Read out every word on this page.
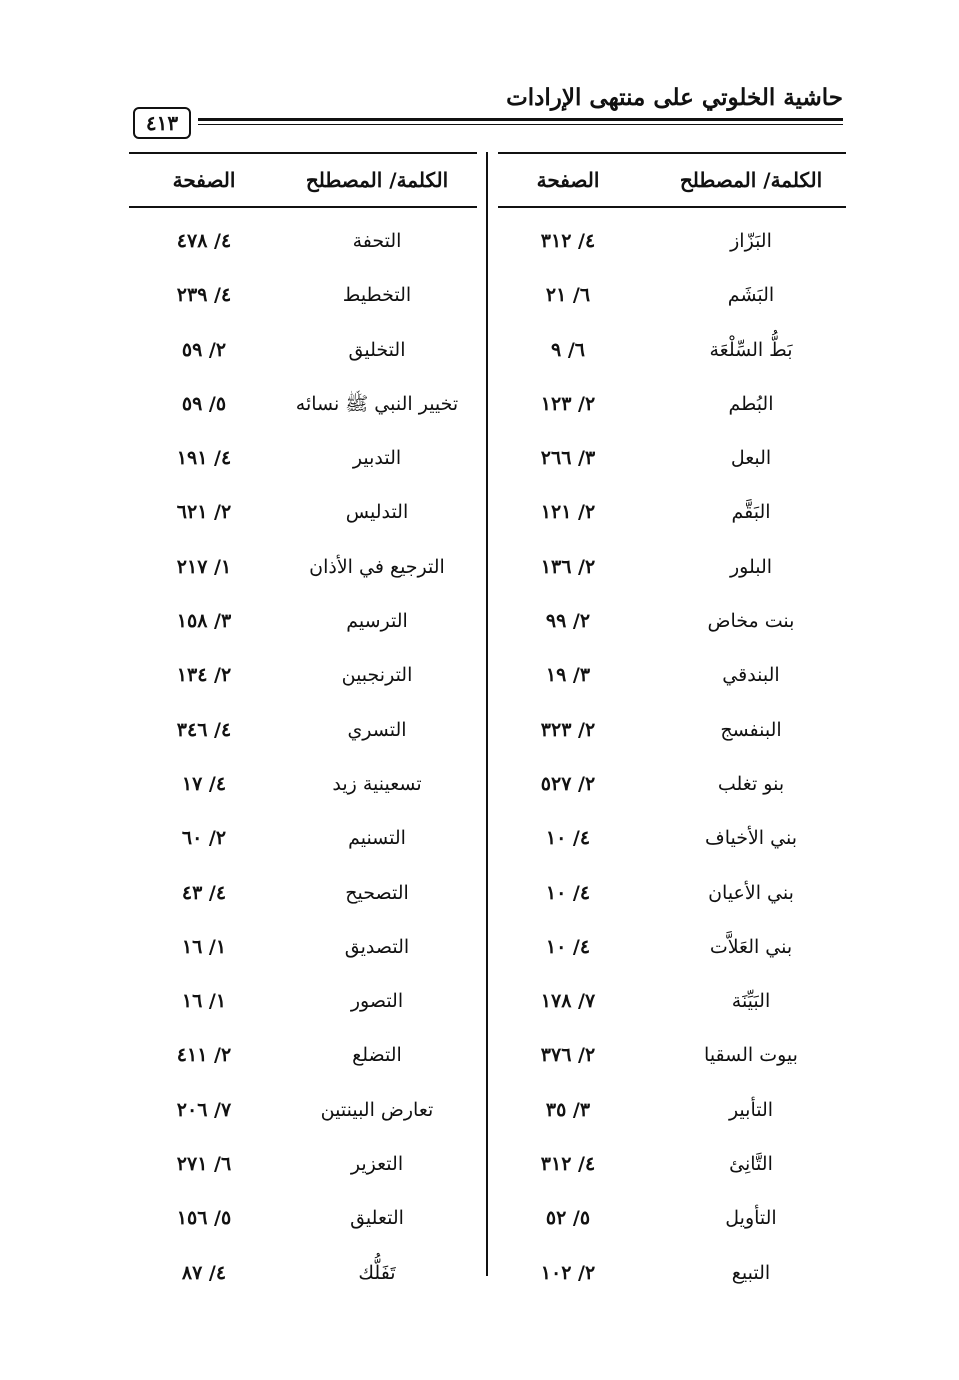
حاشية الخلوتي على منتهى الإرادات
٤١٣
الكلمة/ المصطلح
الصفحة
البَزّاز
٤/ ٣١٢
البَشَم
٦/ ٢١
بَطُّ السِّلْعَة
٦/ ٩
البُطم
٢/ ١٢٣
البعل
٣/ ٢٦٦
البَقَّم
٢/ ١٢١
البلور
٢/ ١٣٦
بنت مخاض
٢/ ٩٩
البندقي
٣/ ١٩
البنفسج
٢/ ٣٢٣
بنو تغلب
٢/ ٥٢٧
بني الأخياف
٤/ ١٠
بني الأعيان
٤/ ١٠
بني العَلاَّت
٤/ ١٠
البَيِّنَة
٧/ ١٧٨
بيوت السقيا
٢/ ٣٧٦
التأبير
٣/ ٣٥
التَّانِئ
٤/ ٣١٢
التأويل
٥/ ٥٢
التبيع
٢/ ١٠٢
الكلمة/ المصطلح
الصفحة
التحفة
٤/ ٤٧٨
التخطيط
٤/ ٢٣٩
التخليق
٢/ ٥٩
تخيير النبي ﷺ نسائه
٥/ ٥٩
التدبير
٤/ ١٩١
التدليس
٢/ ٦٢١
الترجيع في الأذان
١/ ٢١٧
الترسيم
٣/ ١٥٨
الترنجبين
٢/ ١٣٤
التسري
٤/ ٣٤٦
تسعينية زيد
٤/ ١٧
التسنيم
٢/ ٦٠
التصحيح
٤/ ٤٣
التصديق
١/ ١٦
التصور
١/ ١٦
التضلع
٢/ ٤١١
تعارض البينتين
٧/ ٢٠٦
التعزير
٦/ ٢٧١
التعليق
٥/ ١٥٦
تَفَلُّك
٤/ ٨٧
